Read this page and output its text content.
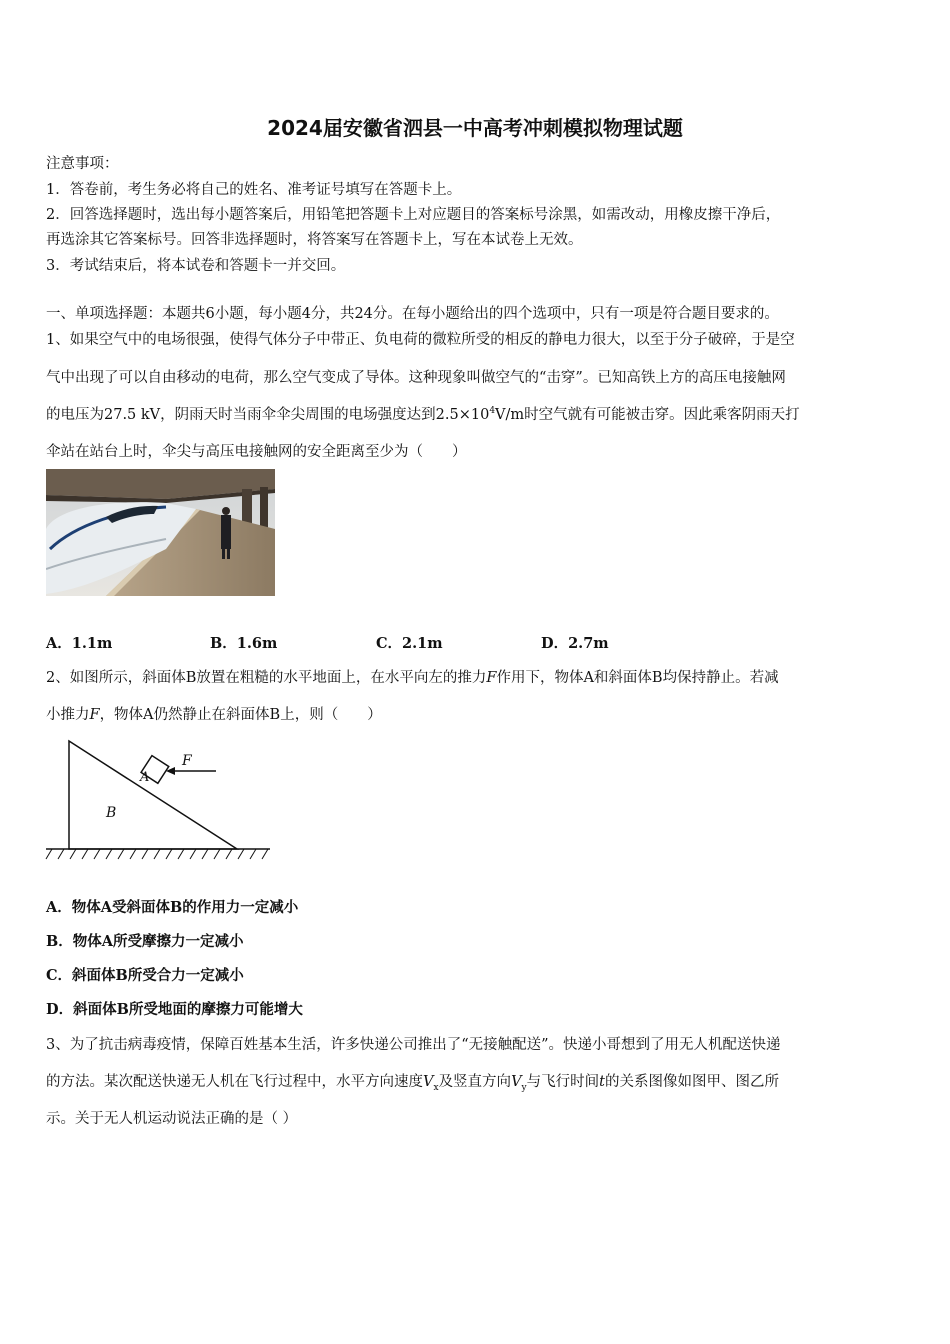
2024届安徽省泗县一中高考冲刺模拟物理试题
注意事项：
1．答卷前，考生务必将自己的姓名、准考证号填写在答题卡上。
2．回答选择题时，选出每小题答案后，用铅笔把答题卡上对应题目的答案标号涂黑，如需改动，用橡皮擦干净后，
再选涂其它答案标号。回答非选择题时，将答案写在答题卡上，写在本试卷上无效。
3．考试结束后，将本试卷和答题卡一并交回。
一、单项选择题：本题共6小题，每小题4分，共24分。在每小题给出的四个选项中，只有一项是符合题目要求的。
1、如果空气中的电场很强，使得气体分子中带正、负电荷的微粒所受的相反的静电力很大，以至于分子破碎，于是空
气中出现了可以自由移动的电荷，那么空气变成了导体。这种现象叫做空气的“击穿”。已知高铁上方的高压电接触网
的电压为27.5 kV，阴雨天时当雨伞伞尖周围的电场强度达到$2.5\times 10^4V/m$时空气就有可能被击穿。因此乘客阴雨天打
伞站在站台上时，伞尖与高压电接触网的安全距离至少为（　　）
A．1.1m	B．1.6m	C．2.1m	D．2.7m
2、如图所示，斜面体B放置在粗糙的水平地面上，在水平向左的推力F作用下，物体A和斜面体B均保持静止。若减
小推力F，物体A仍然静止在斜面体B上，则（　　）
A
B
F
A．物体A受斜面体B的作用力一定减小
B．物体A所受摩擦力一定减小
C．斜面体B所受合力一定减小
D．斜面体B所受地面的摩擦力可能增大
3、为了抗击病毒疫情，保障百姓基本生活，许多快递公司推出了“无接触配送”。快递小哥想到了用无人机配送快递
的方法。某次配送快递无人机在飞行过程中，水平方向速度$V_x$及竖直方向$V_y$与飞行时间t的关系图像如图甲、图乙所
示。关于无人机运动说法正确的是（ ）
